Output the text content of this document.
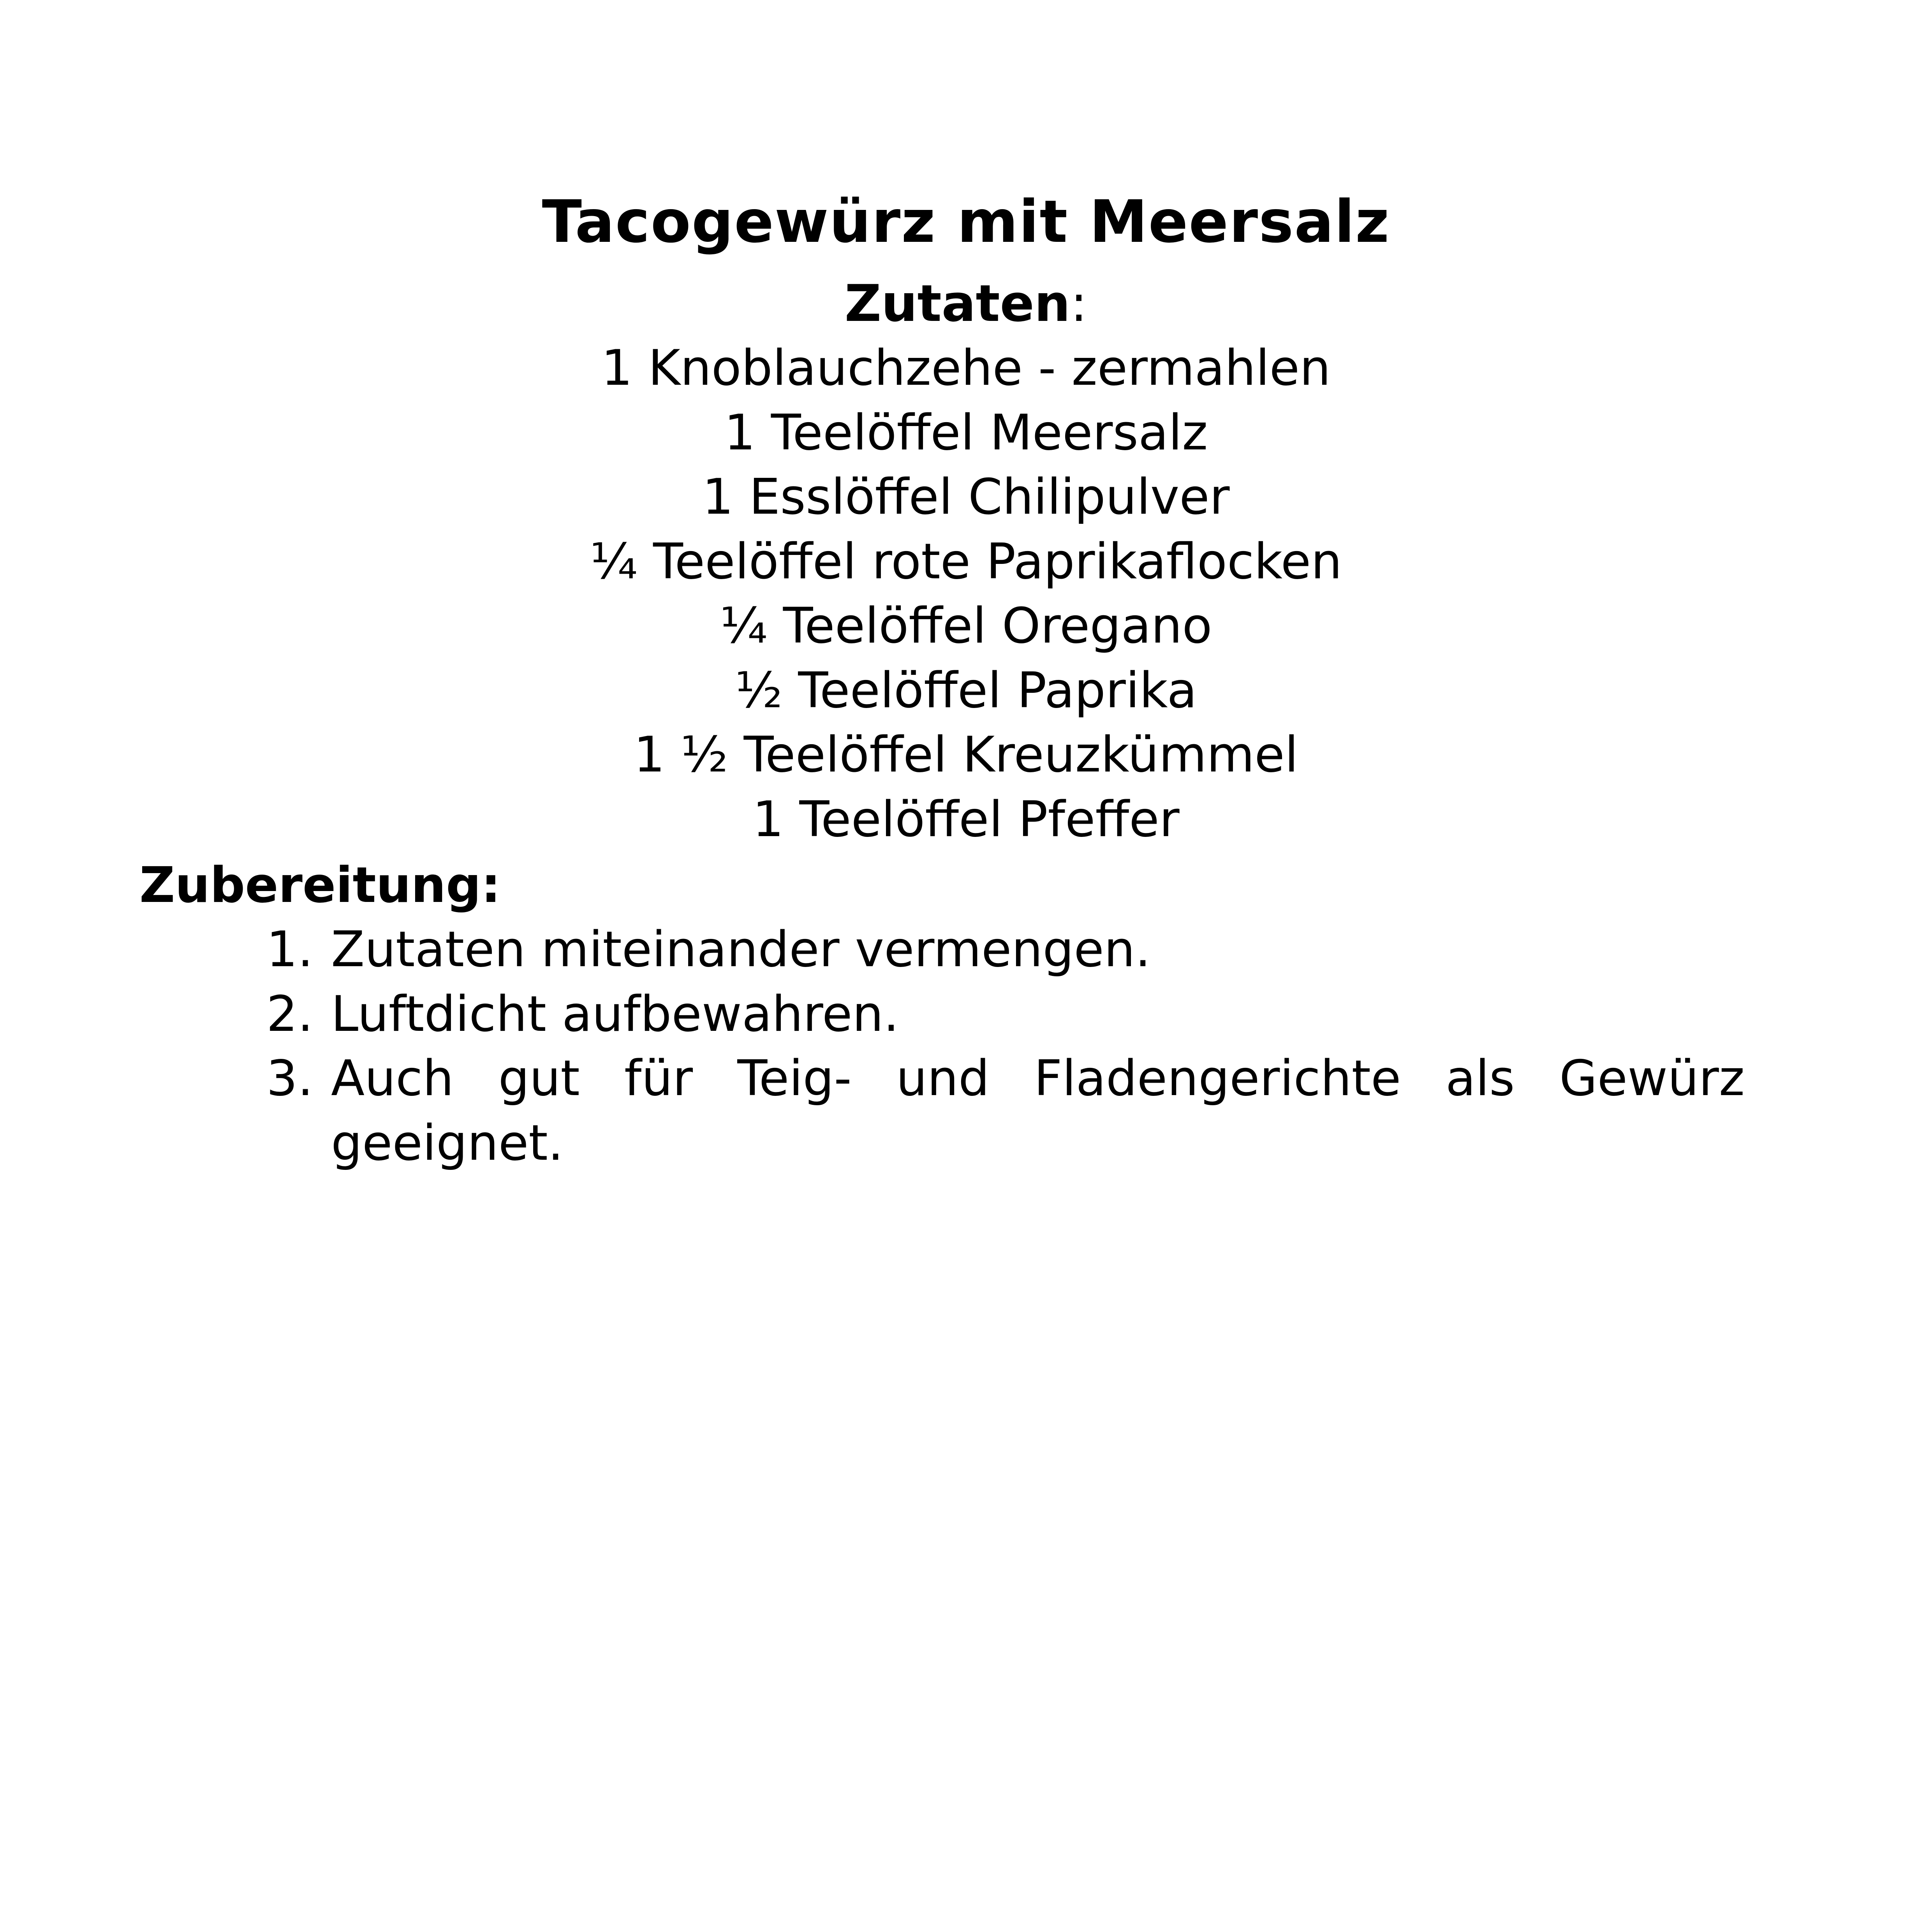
Tacogewürz mit Meersalz
Zutaten:
1 Knoblauchzehe - zermahlen
1 Teelöffel Meersalz
1 Esslöffel Chilipulver
¼ Teelöffel rote Paprikaflocken
¼ Teelöffel Oregano
½ Teelöffel Paprika
1 ½ Teelöffel Kreuzkümmel
1 Teelöffel Pfeffer
Zubereitung:
1. Zutaten miteinander vermengen.
2. Luftdicht aufbewahren.
3. Auch gut für Teig- und Fladengerichte als Gewürz geeignet.
